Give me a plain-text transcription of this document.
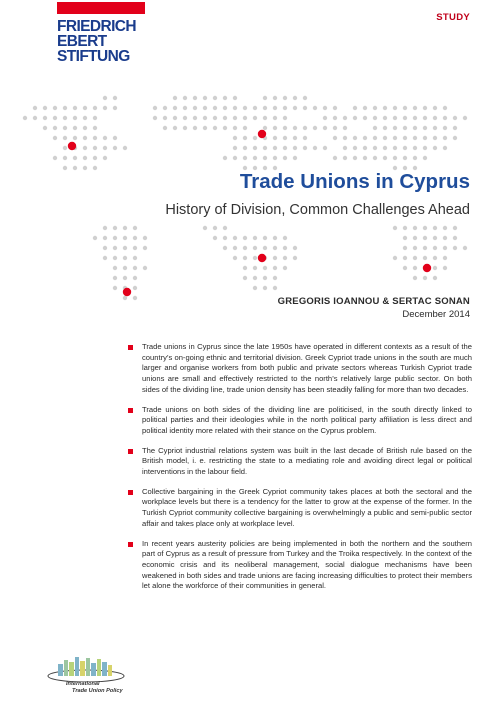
FRIEDRICH
EBERT
STIFTUNG
STUDY
Trade Unions in Cyprus
History of Division, Common Challenges Ahead
GREGORIS IOANNOU & SERTAC SONAN
December 2014
Trade unions in Cyprus since the late 1950s have operated in different contexts as a result of the country’s on-going ethnic and territorial division. Greek Cypriot trade unions in the south are much larger and organise workers from both public and private sectors whereas Turkish Cypriot trade unions are small and effectively restricted to the north’s relatively large public sector. On both sides of the dividing line, trade union density has been steadily falling for more than two decades.
Trade unions on both sides of the dividing line are politicised, in the south directly linked to political parties and their ideologies while in the north political party affiliation is less direct and political identity more related with their stance on the Cyprus problem.
The Cypriot industrial relations system was built in the last decade of British rule based on the British model, i. e. restricting the state to a mediating role and avoiding direct legal or political interventions in the labour field.
Collective bargaining in the Greek Cypriot community takes places at both the sectoral and the workplace levels but there is a tendency for the latter to grow at the expense of the former. In the Turkish Cypriot community collective bargaining is overwhelmingly a public and semi-public sector affair and takes place only at workplace level.
In recent years austerity policies are being implemented in both the northern and the southern part of Cyprus as a result of pressure from Turkey and the Troika respectively. In the context of the economic crisis and its neoliberal management, social dialogue mechanisms have been weakened in both sides and trade unions are facing increasing difficulties to protect their members let alone the workforce of their communities in general.
International
Trade Union Policy
